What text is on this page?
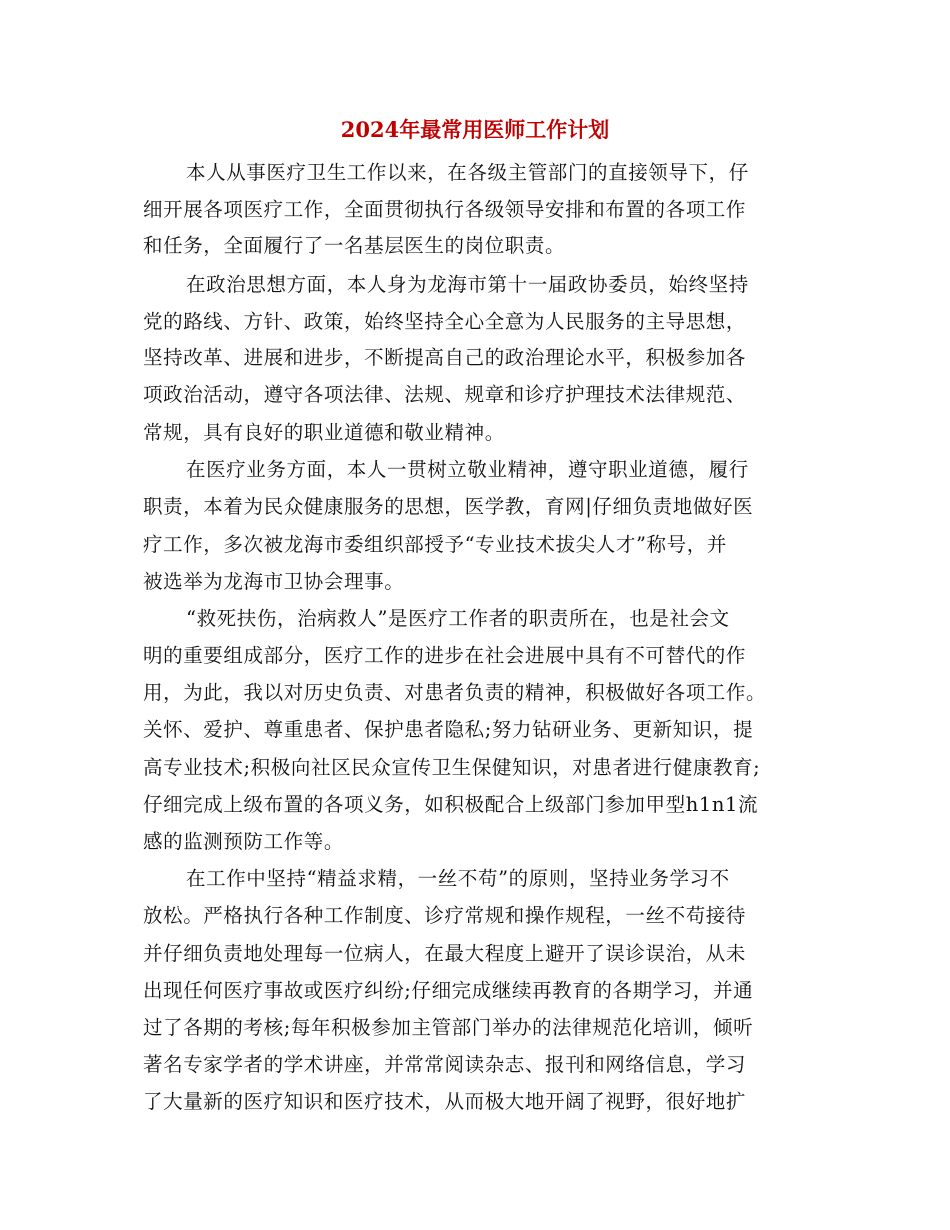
2024年最常用医师工作计划

本人从事医疗卫生工作以来，在各级主管部门的直接领导下，仔

细开展各项医疗工作，全面贯彻执行各级领导安排和布置的各项工作

和任务，全面履行了一名基层医生的岗位职责。

在政治思想方面，本人身为龙海市第十一届政协委员，始终坚持

党的路线、方针、政策，始终坚持全心全意为人民服务的主导思想，

坚持改革、进展和进步，不断提高自己的政治理论水平，积极参加各

项政治活动，遵守各项法律、法规、规章和诊疗护理技术法律规范、

常规，具有良好的职业道德和敬业精神。

在医疗业务方面，本人一贯树立敬业精神，遵守职业道德，履行

职责，本着为民众健康服务的思想，医学教，育网|仔细负责地做好医

疗工作，多次被龙海市委组织部授予“专业技术拔尖人才”称号，并

被选举为龙海市卫协会理事。

“救死扶伤，治病救人”是医疗工作者的职责所在，也是社会文

明的重要组成部分，医疗工作的进步在社会进展中具有不可替代的作

用，为此，我以对历史负责、对患者负责的精神，积极做好各项工作。

关怀、爱护、尊重患者、保护患者隐私;努力钻研业务、更新知识，提

高专业技术;积极向社区民众宣传卫生保健知识，对患者进行健康教育;

仔细完成上级布置的各项义务，如积极配合上级部门参加甲型h1n1流

感的监测预防工作等。

在工作中坚持“精益求精，一丝不苟”的原则，坚持业务学习不

放松。严格执行各种工作制度、诊疗常规和操作规程，一丝不苟接待

并仔细负责地处理每一位病人，在最大程度上避开了误诊误治，从未

出现任何医疗事故或医疗纠纷;仔细完成继续再教育的各期学习，并通

过了各期的考核;每年积极参加主管部门举办的法律规范化培训，倾听

著名专家学者的学术讲座，并常常阅读杂志、报刊和网络信息，学习

了大量新的医疗知识和医疗技术，从而极大地开阔了视野，很好地扩
